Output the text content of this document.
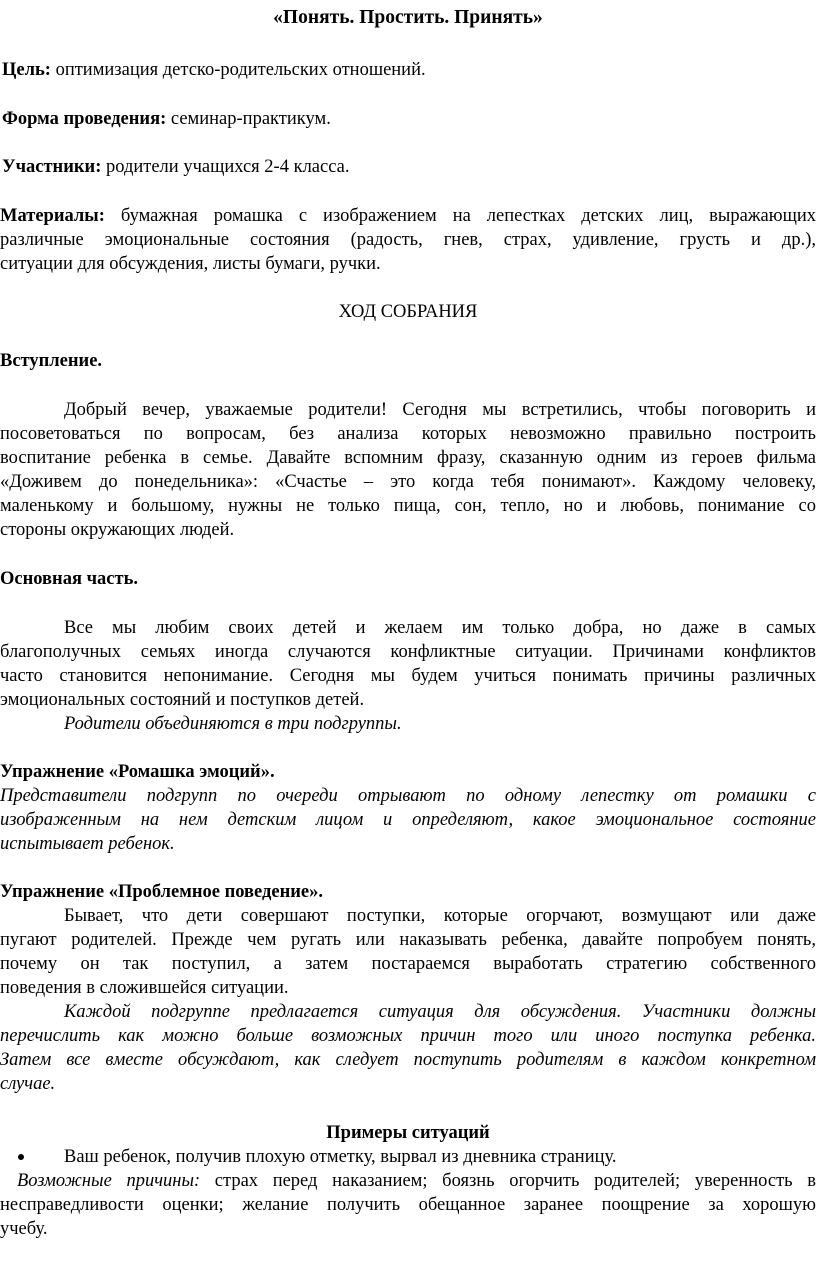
«Понять. Простить. Принять»
Цель: оптимизация детско-родительских отношений.
Форма проведения: семинар-практикум.
Участники: родители учащихся 2-4 класса.
Материалы: бумажная ромашка с изображением на лепестках детских лиц, выражающих
различные эмоциональные состояния (радость, гнев, страх, удивление, грусть и др.),
ситуации для обсуждения, листы бумаги, ручки.
ХОД СОБРАНИЯ
Вступление.
Добрый вечер, уважаемые родители! Сегодня мы встретились, чтобы поговорить и
посоветоваться по вопросам, без анализа которых невозможно правильно построить
воспитание ребенка в семье. Давайте вспомним фразу, сказанную одним из героев фильма
«Доживем до понедельника»: «Счастье – это когда тебя понимают». Каждому человеку,
маленькому и большому, нужны не только пища, сон, тепло, но и любовь, понимание со
стороны окружающих людей.
Основная часть.
Все мы любим своих детей и желаем им только добра, но даже в самых
благополучных семьях иногда случаются конфликтные ситуации. Причинами конфликтов
часто становится непонимание. Сегодня мы будем учиться понимать причины различных
эмоциональных состояний и поступков детей.
Родители объединяются в три подгруппы.
Упражнение «Ромашка эмоций».
Представители подгрупп по очереди отрывают по одному лепестку от ромашки с
изображенным на нем детским лицом и определяют, какое эмоциональное состояние
испытывает ребенок.
Упражнение «Проблемное поведение».
Бывает, что дети совершают поступки, которые огорчают, возмущают или даже
пугают родителей. Прежде чем ругать или наказывать ребенка, давайте попробуем понять,
почему он так поступил, а затем постараемся выработать стратегию собственного
поведения в сложившейся ситуации.
Каждой подгруппе предлагается ситуация для обсуждения. Участники должны
перечислить как можно больше возможных причин того или иного поступка ребенка.
Затем все вместе обсуждают, как следует поступить родителям в каждом конкретном
случае.
Примеры ситуаций
Ваш ребенок, получив плохую отметку, вырвал из дневника страницу.
Возможные причины: страх перед наказанием; боязнь огорчить родителей; уверенность в
несправедливости оценки; желание получить обещанное заранее поощрение за хорошую
учебу.
